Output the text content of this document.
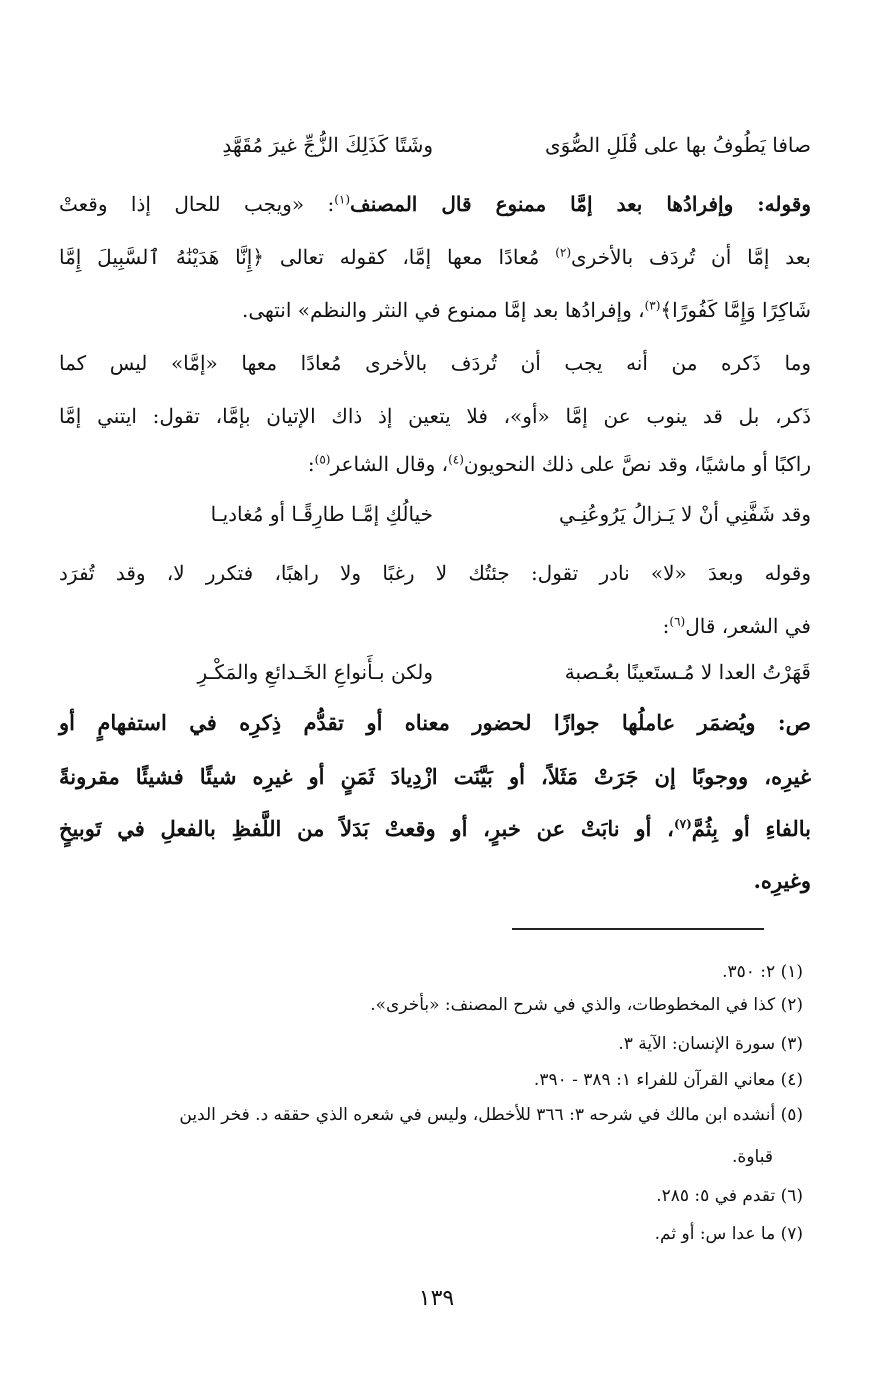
صافا يَطُوفُ بها على قُلَلِ الصُّوَى
وشَتًا كَذَلِكَ الزُّجِّ غيرَ مُقَهَّدِ
وقوله: وإفرادُها بعد إمَّا ممنوع قال المصنف$^{(١)}$: «ويجب للحال إذا وقعتْ
بعد إمَّا أن تُردَف بالأخرى$^{(٢)}$ مُعادًا معها إمَّا، كقوله تعالى ﴿إِنَّا هَدَيْنَٰهُ ٱلسَّبِيلَ إِمَّا
شَاكِرًا وَإِمَّا كَفُورًا﴾$^{(٣)}$، وإفرادُها بعد إمَّا ممنوع في النثر والنظم» انتهى.
وما ذَكره من أنه يجب أن تُردَف بالأخرى مُعادًا معها «إمَّا» ليس كما
ذَكر، بل قد ينوب عن إمَّا «أو»، فلا يتعين إذ ذاك الإتيان بإمَّا، تقول: ايتني إمَّا
راكبًا أو ماشيًا، وقد نصَّ على ذلك النحويون$^{(٤)}$، وقال الشاعر$^{(٥)}$:
وقد شَفَّنِي أنْ لا يَـزالُ يَرُوعُنِـي
خيالُكِ إمَّـا طارِقًـا أو مُغاديـا
وقوله وبعدَ «لا» نادر تقول: جئتُك لا رغبًا ولا راهبًا، فتكرر لا، وقد تُفرَد
في الشعر، قال$^{(٦)}$:
قَهَرْتُ العدا لا مُـستَعينًا بعُـصبة
ولكن بـأَنواعِ الخَـدائعِ والمَكْـرِ
ص: ويُضمَر عاملُها جوازًا لحضور معناه أو تقدُّم ذِكرِه في استفهامٍ أو
غيرِه، ووجوبًا إن جَرَتْ مَثَلاً، أو بَيَّنَت ازْدِيادَ ثَمَنٍ أو غيرِه شيئًا فشيئًا مقرونةً
بالفاءِ أو بِثُمَّ$^{(٧)}$، أو نابَتْ عن خبرٍ، أو وقعتْ بَدَلاً من اللَّفظِ بالفعلِ في تَوبيخٍ
وغيرِه.
(١) ٢: ٣٥٠.
(٢) كذا في المخطوطات، والذي في شرح المصنف: «بأخرى».
(٣) سورة الإنسان: الآية ٣.
(٤) معاني القرآن للفراء ١: ٣٨٩ - ٣٩٠.
(٥) أنشده ابن مالك في شرحه ٣: ٣٦٦ للأخطل، وليس في شعره الذي حققه د. فخر الدين
قباوة.
(٦) تقدم في ٥: ٢٨٥.
(٧) ما عدا س: أو ثم.
١٣٩
